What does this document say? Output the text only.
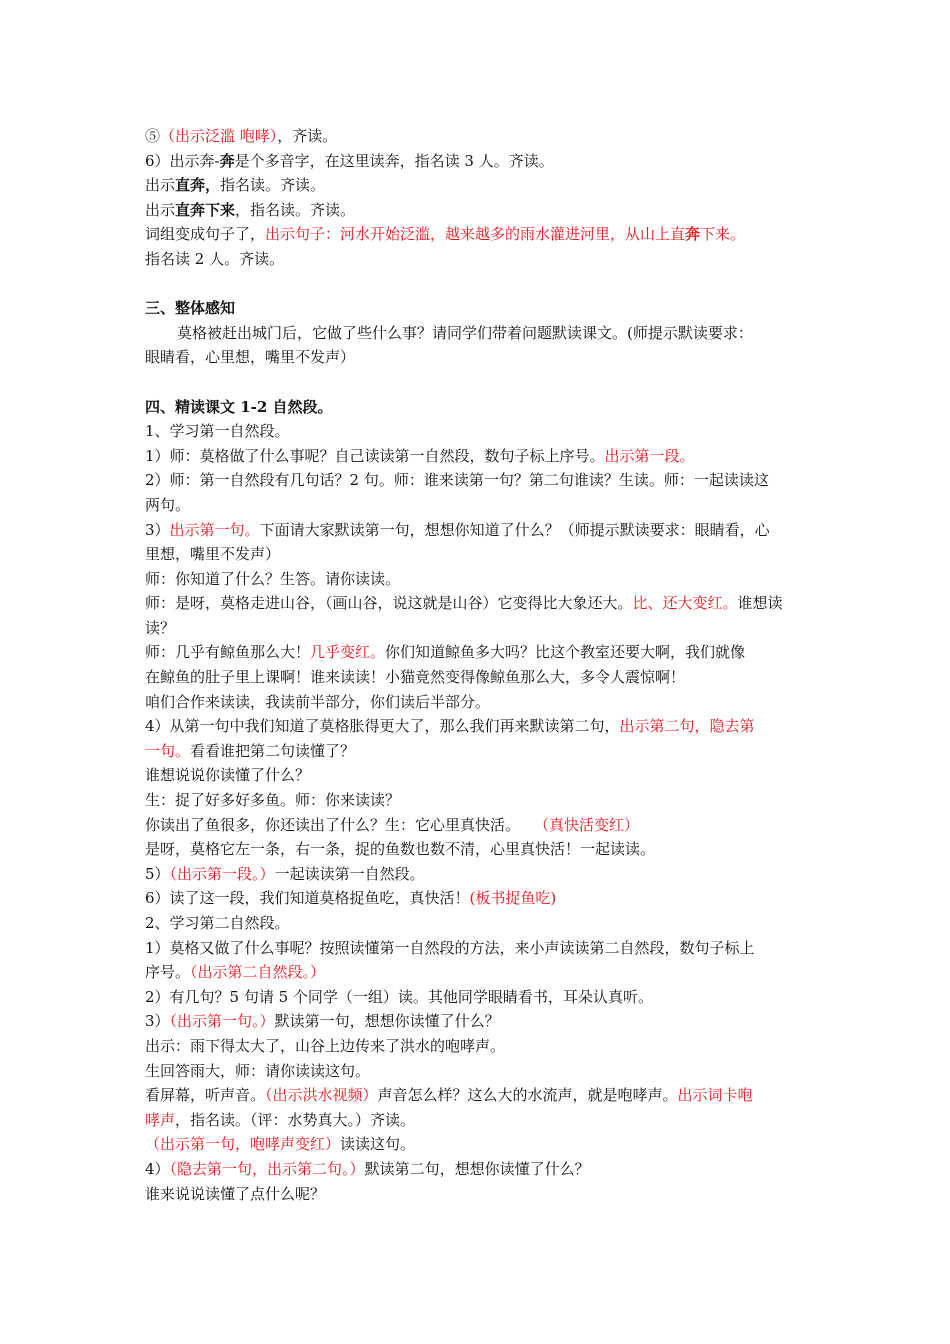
⑤（出示泛滥 咆哮），齐读。
6）出示奔-奔是个多音字，在这里读奔，指名读 3 人。齐读。
出示直奔，指名读。齐读。
出示直奔下来，指名读。齐读。
词组变成句子了，出示句子：河水开始泛滥，越来越多的雨水灌进河里，从山上直奔下来。
指名读 2 人。齐读。
三、整体感知
莫格被赶出城门后，它做了些什么事？请同学们带着问题默读课文。(师提示默读要求：
眼睛看，心里想，嘴里不发声）
四、精读课文 1-2 自然段。
1、学习第一自然段。
1）师：莫格做了什么事呢？自己读读第一自然段，数句子标上序号。出示第一段。
2）师：第一自然段有几句话？2 句。师：谁来读第一句？第二句谁读？生读。师：一起读读这
两句。
3）出示第一句。下面请大家默读第一句，想想你知道了什么？（师提示默读要求：眼睛看，心
里想，嘴里不发声）
师：你知道了什么？生答。请你读读。
师：是呀，莫格走进山谷，（画山谷，说这就是山谷）它变得比大象还大。比、还大变红。谁想读
读？
师：几乎有鲸鱼那么大！几乎变红。你们知道鲸鱼多大吗？比这个教室还要大啊，我们就像
在鲸鱼的肚子里上课啊！谁来读读！小猫竟然变得像鲸鱼那么大，多令人震惊啊！
咱们合作来读读，我读前半部分，你们读后半部分。
4）从第一句中我们知道了莫格胀得更大了，那么我们再来默读第二句，出示第二句，隐去第
一句。看看谁把第二句读懂了？
谁想说说你读懂了什么？
生：捉了好多好多鱼。师：你来读读？
你读出了鱼很多，你还读出了什么？生：它心里真快活。 （真快活变红）
是呀，莫格它左一条，右一条，捉的鱼数也数不清，心里真快活！一起读读。
5）（出示第一段。）一起读读第一自然段。
6）读了这一段，我们知道莫格捉鱼吃，真快活！(板书捉鱼吃)
2、学习第二自然段。
1）莫格又做了什么事呢？按照读懂第一自然段的方法，来小声读读第二自然段，数句子标上
序号。（出示第二自然段。）
2）有几句？5 句请 5 个同学（一组）读。其他同学眼睛看书，耳朵认真听。
3）（出示第一句。）默读第一句，想想你读懂了什么？
出示：雨下得太大了，山谷上边传来了洪水的咆哮声。
生回答雨大，师：请你读读这句。
看屏幕，听声音。（出示洪水视频）声音怎么样？这么大的水流声，就是咆哮声。出示词卡咆
哮声，指名读。（评：水势真大。）齐读。
（出示第一句，咆哮声变红）读读这句。
4）（隐去第一句，出示第二句。）默读第二句，想想你读懂了什么？
谁来说说读懂了点什么呢？
